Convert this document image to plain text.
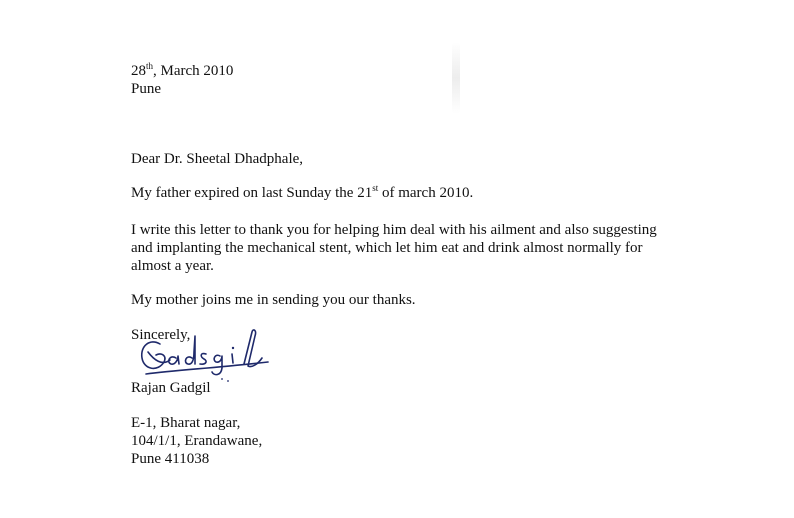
28th, March 2010
Pune
Dear Dr. Sheetal Dhadphale,
My father expired on last Sunday the 21st of march 2010.
I write this letter to thank you for helping him deal with his ailment and also suggesting
and implanting the mechanical stent, which let him eat and drink almost normally for
almost a year.
My mother joins me in sending you our thanks.
Sincerely,
Gadgil
Rajan Gadgil
E-1, Bharat nagar,
104/1/1, Erandawane,
Pune 411038
